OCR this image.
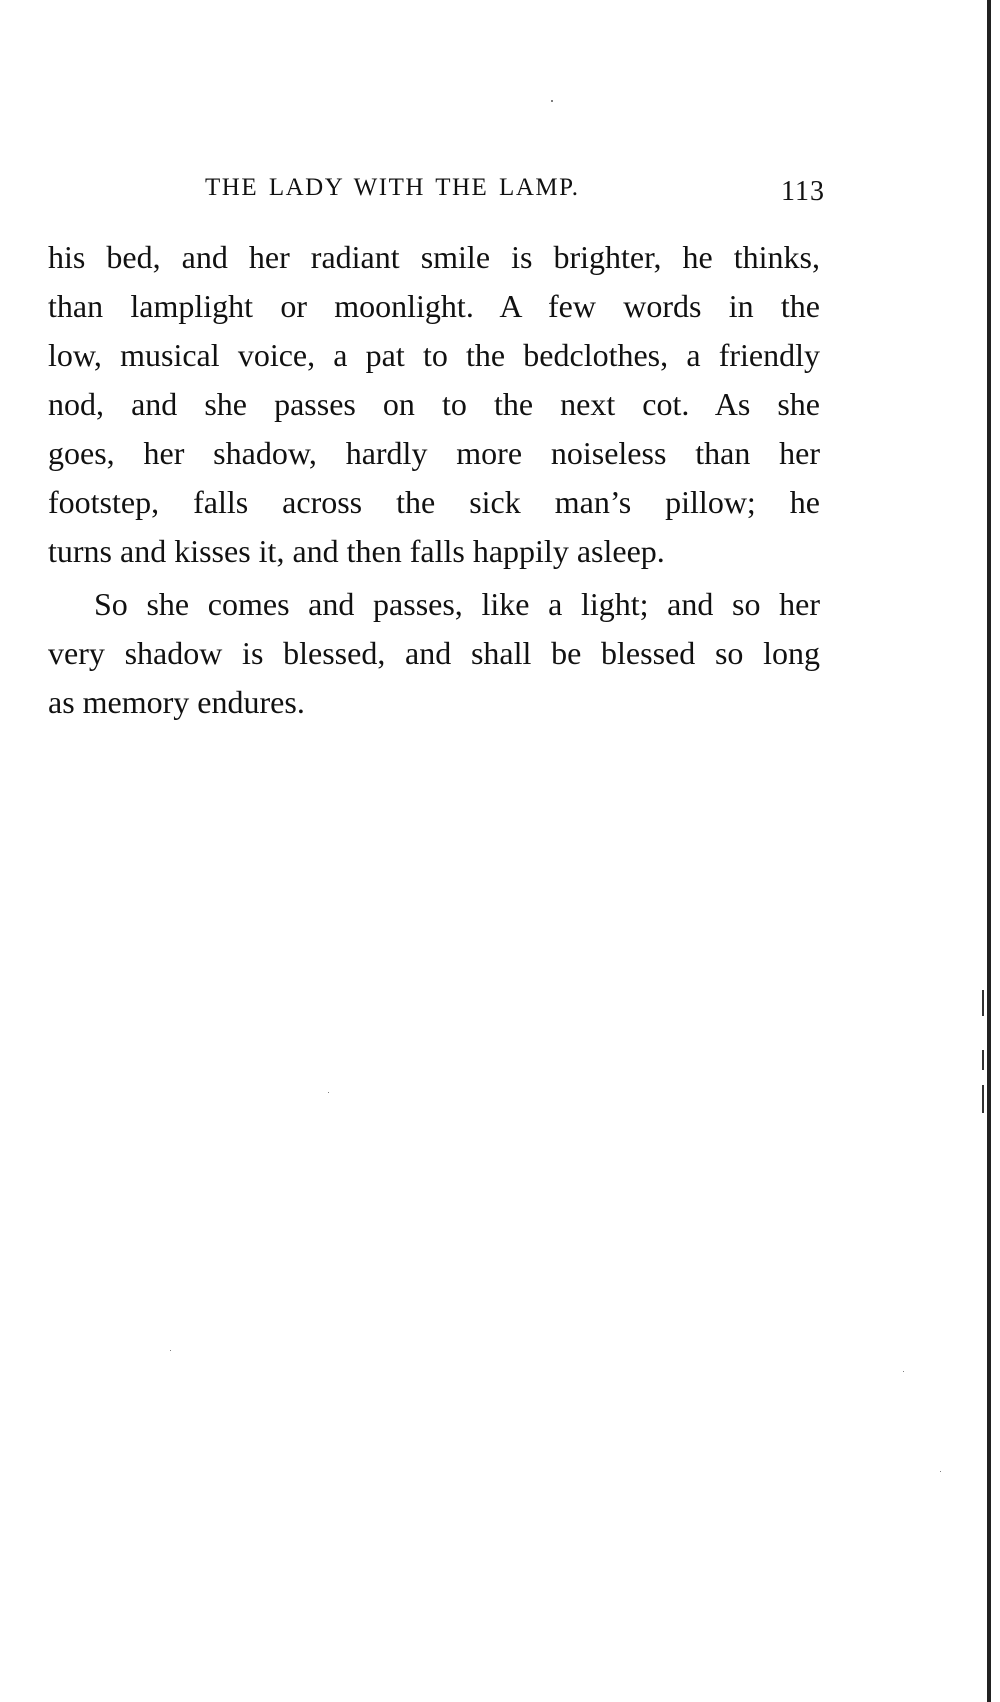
THE LADY WITH THE LAMP.	113
his bed, and her radiant smile is brighter, he thinks,
than lamplight or moonlight. A few words in the
low, musical voice, a pat to the bedclothes, a friendly
nod, and she passes on to the next cot. As she
goes, her shadow, hardly more noiseless than her
footstep, falls across the sick man’s pillow; he
turns and kisses it, and then falls happily asleep.
So she comes and passes, like a light; and so her
very shadow is blessed, and shall be blessed so long
as memory endures.
